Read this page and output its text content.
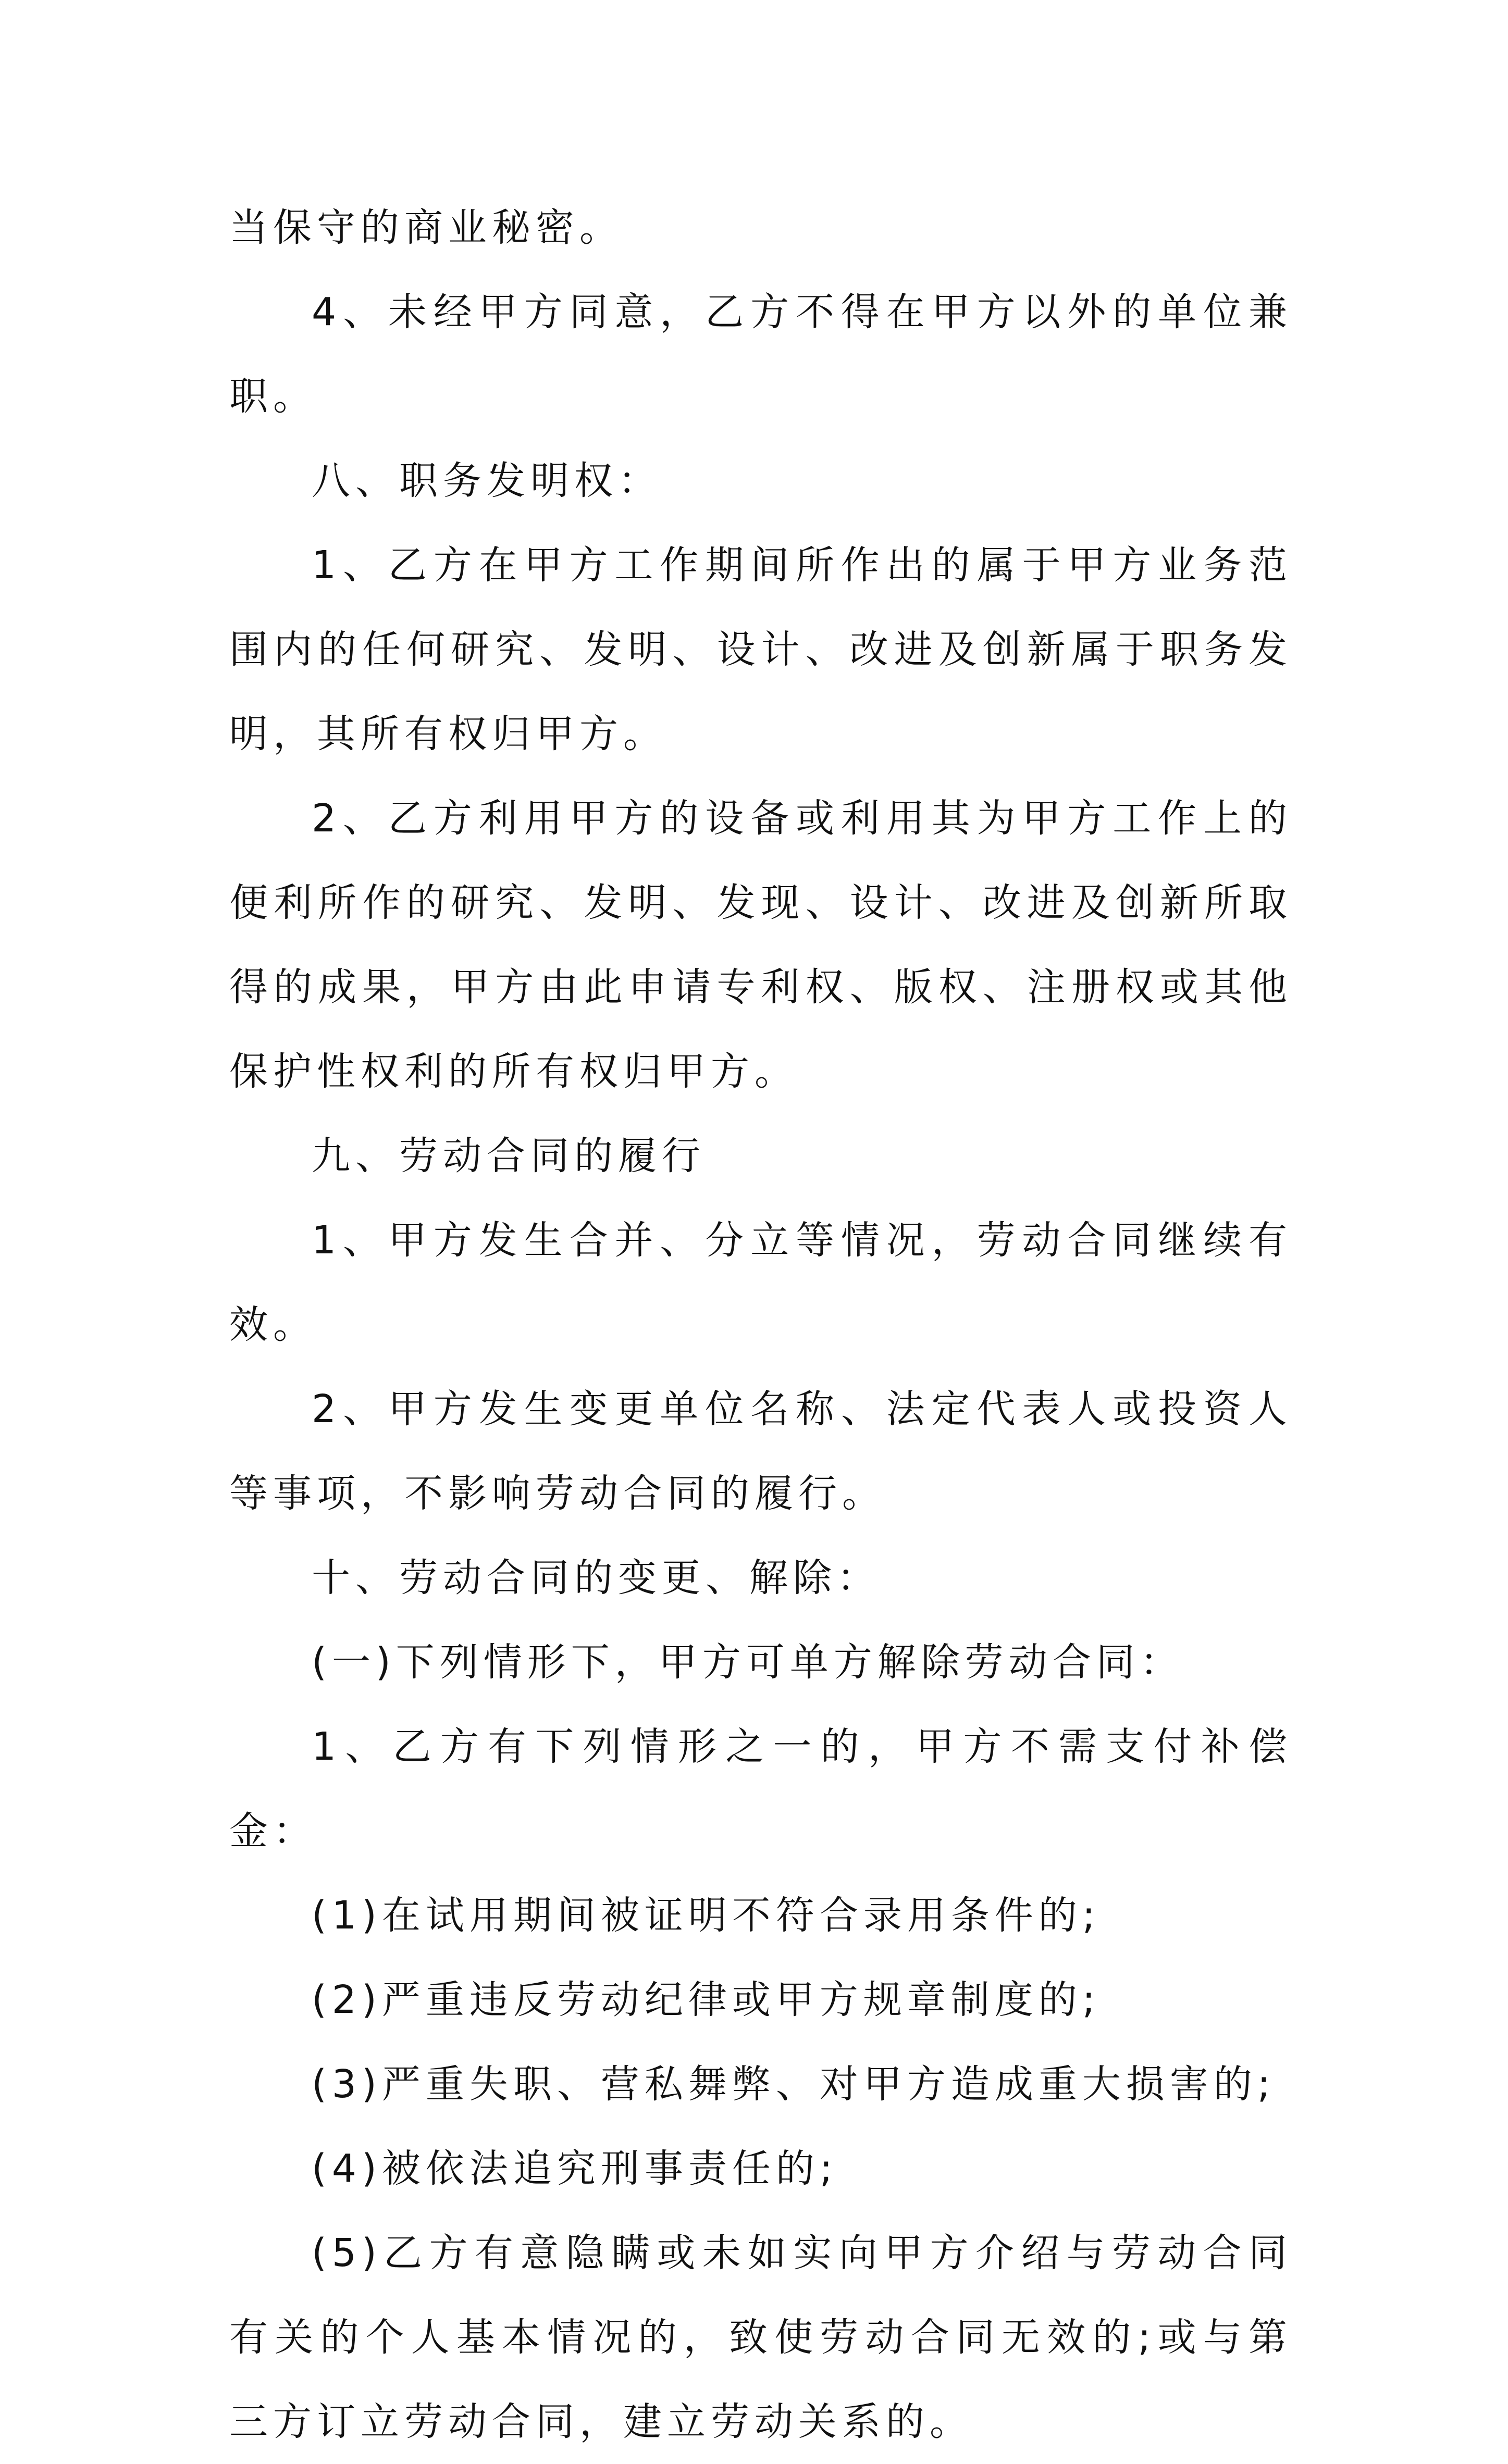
当保守的商业秘密。

4、未经甲方同意，乙方不得在甲方以外的单位兼职。

八、职务发明权：

1、乙方在甲方工作期间所作出的属于甲方业务范围内的任何研究、发明、设计、改进及创新属于职务发明，其所有权归甲方。

2、乙方利用甲方的设备或利用其为甲方工作上的便利所作的研究、发明、发现、设计、改进及创新所取得的成果，甲方由此申请专利权、版权、注册权或其他保护性权利的所有权归甲方。

九、劳动合同的履行

1、甲方发生合并、分立等情况，劳动合同继续有效。

2、甲方发生变更单位名称、法定代表人或投资人等事项，不影响劳动合同的履行。

十、劳动合同的变更、解除：

(一)下列情形下，甲方可单方解除劳动合同：

1、乙方有下列情形之一的，甲方不需支付补偿金：

(1)在试用期间被证明不符合录用条件的;

(2)严重违反劳动纪律或甲方规章制度的;

(3)严重失职、营私舞弊、对甲方造成重大损害的;

(4)被依法追究刑事责任的;

(5)乙方有意隐瞒或未如实向甲方介绍与劳动合同有关的个人基本情况的，致使劳动合同无效的;或与第三方订立劳动合同，建立劳动关系的。
